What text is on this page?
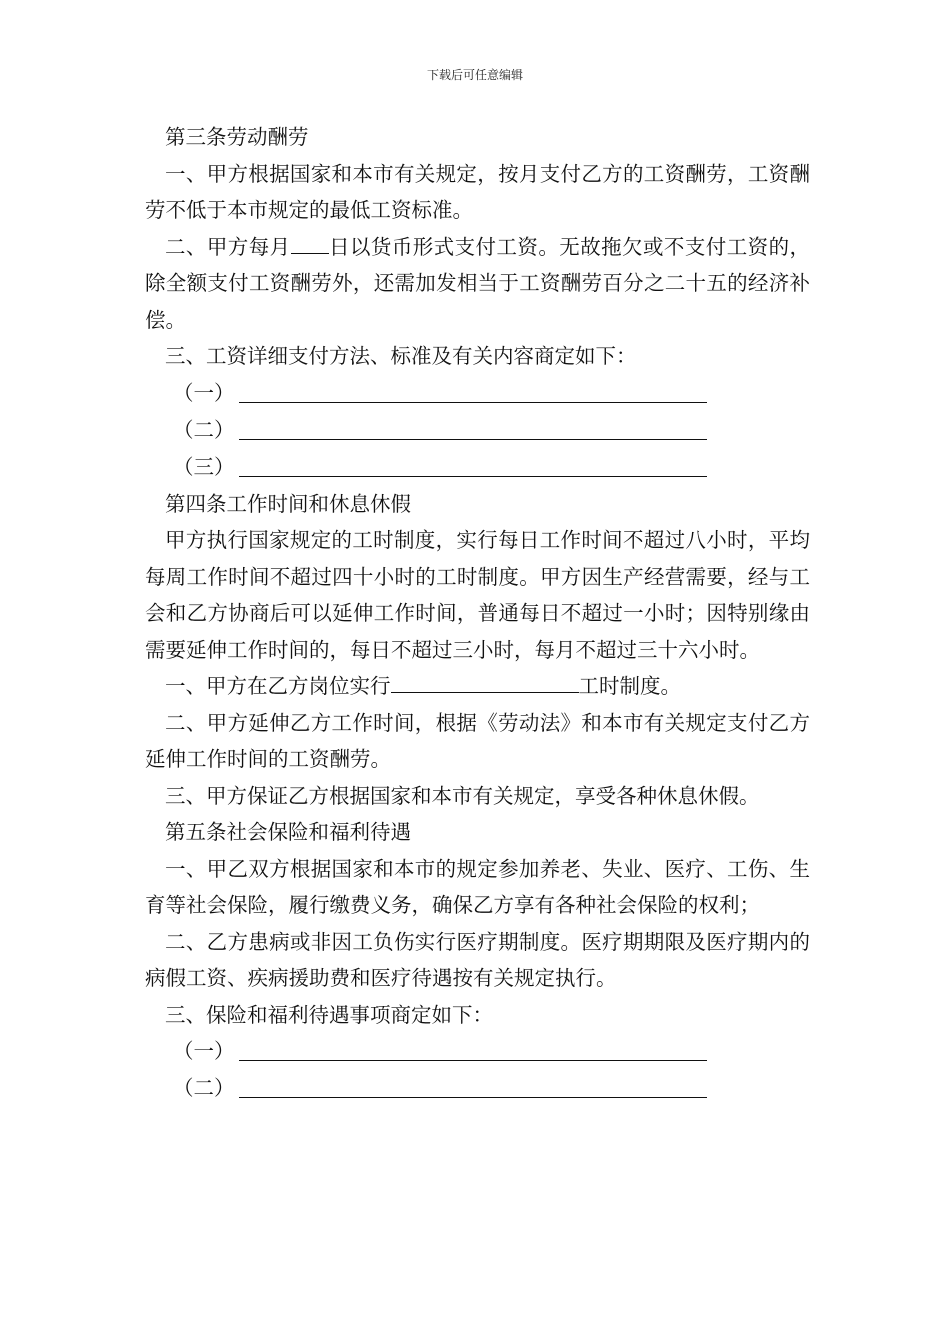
下载后可任意编辑

第三条劳动酬劳

一、甲方根据国家和本市有关规定，按月支付乙方的工资酬劳，工资酬劳不低于本市规定的最低工资标准。

二、甲方每月 日以货币形式支付工资。无故拖欠或不支付工资的，除全额支付工资酬劳外，还需加发相当于工资酬劳百分之二十五的经济补偿。

三、工资详细支付方法、标准及有关内容商定如下：

（一）
（二）
（三）

第四条工作时间和休息休假

甲方执行国家规定的工时制度，实行每日工作时间不超过八小时，平均每周工作时间不超过四十小时的工时制度。甲方因生产经营需要，经与工会和乙方协商后可以延伸工作时间，普通每日不超过一小时；因特别缘由需要延伸工作时间的，每日不超过三小时，每月不超过三十六小时。

一、甲方在乙方岗位实行	工时制度。

二、甲方延伸乙方工作时间，根据《劳动法》和本市有关规定支付乙方延伸工作时间的工资酬劳。

三、甲方保证乙方根据国家和本市有关规定，享受各种休息休假。

第五条社会保险和福利待遇

一、甲乙双方根据国家和本市的规定参加养老、失业、医疗、工伤、生育等社会保险，履行缴费义务，确保乙方享有各种社会保险的权利；

二、乙方患病或非因工负伤实行医疗期制度。医疗期期限及医疗期内的病假工资、疾病援助费和医疗待遇按有关规定执行。

三、保险和福利待遇事项商定如下：

（一）
（二）
